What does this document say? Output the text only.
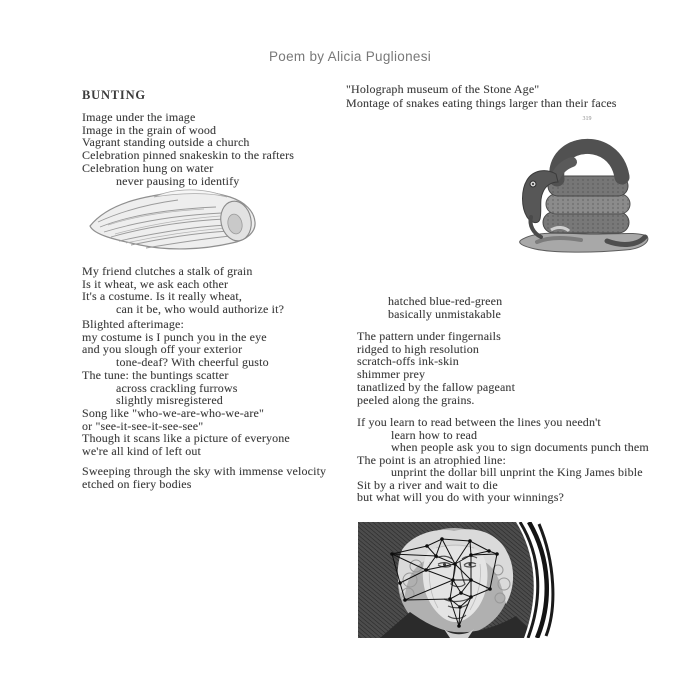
Poem by Alicia Puglionesi
BUNTING
Image under the image
Image in the grain of wood
Vagrant standing outside a church
Celebration pinned snakeskin to the rafters
Celebration hung on water
never pausing to identify
My friend clutches a stalk of grain
Is it wheat, we ask each other
It's a costume. Is it really wheat,
can it be, who would authorize it?
Blighted afterimage:
my costume is I punch you in the eye
and you slough off your exterior
tone-deaf? With cheerful gusto
The tune: the buntings scatter
across crackling furrows
slightly misregistered
Song like "who-we-are-who-we-are"
or "see-it-see-it-see-see"
Though it scans like a picture of everyone
we're all kind of left out
Sweeping through the sky with immense velocity
etched on fiery bodies
"Holograph museum of the Stone Age"
Montage of snakes eating things larger than their faces
319
hatched blue-red-green
basically unmistakable
The pattern under fingernails
ridged to high resolution
scratch-offs ink-skin
shimmer prey
tanatlized by the fallow pageant
peeled along the grains.
If you learn to read between the lines you needn't
learn how to read
when people ask you to sign documents punch them
The point is an atrophied line:
unprint the dollar bill unprint the King James bible
Sit by a river and wait to die
but what will you do with your winnings?
